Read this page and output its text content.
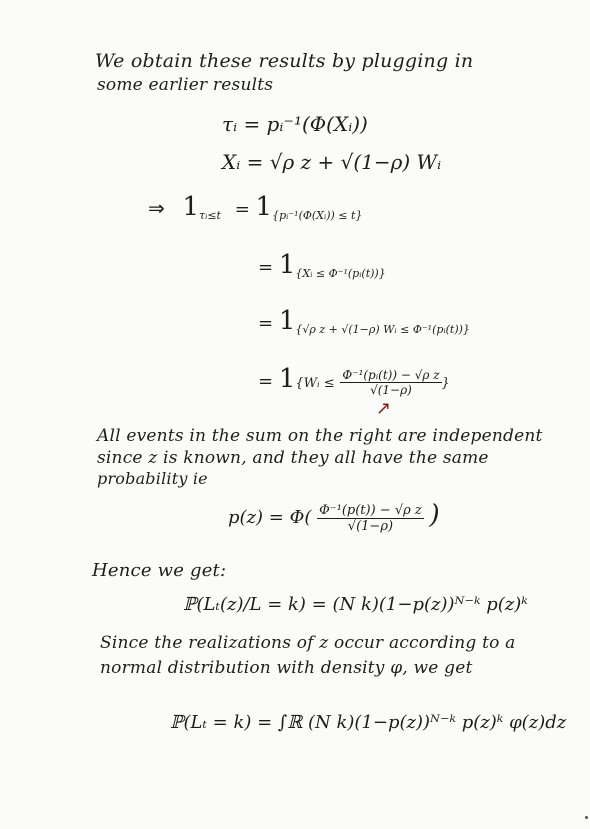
We obtain these results by plugging in
some earlier results
τᵢ = pᵢ⁻¹(Φ(Xᵢ))
Xᵢ = √ρ z + √(1−ρ) Wᵢ
⇒ $1_{\tau ᵢ\le t} = 1_{\{pᵢ^{-1}(\Phi(Xᵢ)) \le t\}}$
= $1_{\{Xᵢ \le \Phi^{-1}(pᵢ(t))\}}$
= $1_{\{√\rho z + √(1-\rho) Wᵢ \le \Phi^{-1}(pᵢ(t))\}}$
= 1{Wᵢ ≤ $\frac{\text{Φ⁻¹(pᵢ(t)) − √ρ z}}{√(1-\rho)}$ }
↗
All events in the sum on the right are independent
since z is known, and they all have the same
probability ie
$p(z) = \Phi( \frac{\text{Φ⁻¹(p(t)) − √ρ z}}{√(1-\rho)}$ )
Hence we get:
ℙ(Lₜ(z)/L = k) = (N k)(1−p(z))ᴺ⁻ᵏ p(z)ᵏ
Since the realizations of z occur according to a
normal distribution with density φ, we get
ℙ(Lₜ = k) = ∫ℝ (N k)(1−p(z))ᴺ⁻ᵏ p(z)ᵏ φ(z)dz
